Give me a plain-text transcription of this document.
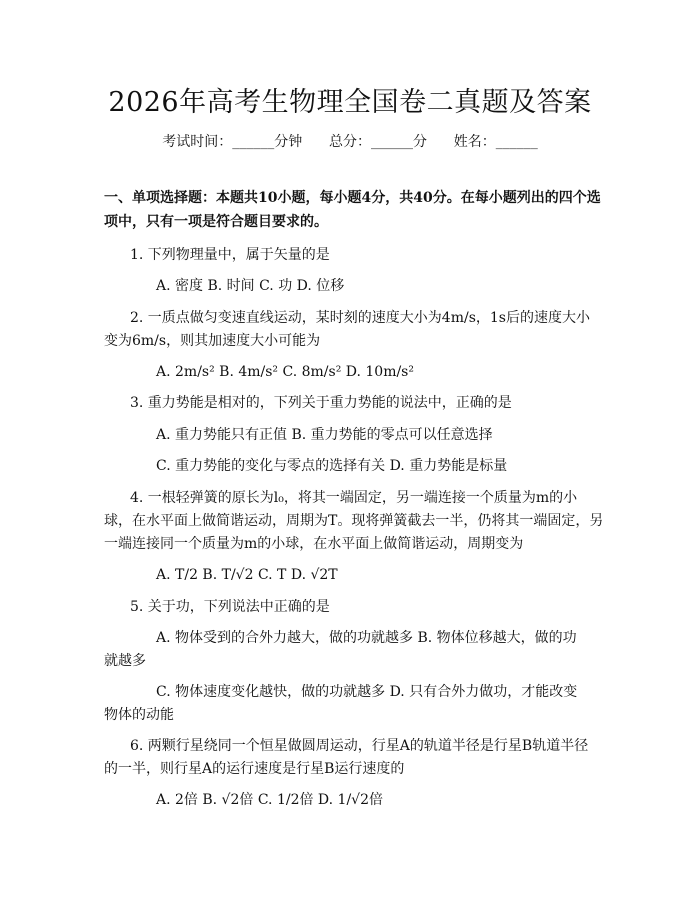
2026年高考生物理全国卷二真题及答案
考试时间：______分钟 总分：______分 姓名：______
一、单项选择题：本题共10小题，每小题4分，共40分。在每小题列出的四个选项中，只有一项是符合题目要求的。
1. 下列物理量中，属于矢量的是
A. 密度 B. 时间 C. 功 D. 位移
2. 一质点做匀变速直线运动，某时刻的速度大小为4m/s，1s后的速度大小
变为6m/s，则其加速度大小可能为
A. 2m/s² B. 4m/s² C. 8m/s² D. 10m/s²
3. 重力势能是相对的，下列关于重力势能的说法中，正确的是
A. 重力势能只有正值 B. 重力势能的零点可以任意选择
C. 重力势能的变化与零点的选择有关 D. 重力势能是标量
4. 一根轻弹簧的原长为l₀，将其一端固定，另一端连接一个质量为m的小
球，在水平面上做简谐运动，周期为T。现将弹簧截去一半，仍将其一端固定，另
一端连接同一个质量为m的小球，在水平面上做简谐运动，周期变为
A. T/2 B. T/√2 C. T D. √2T
5. 关于功，下列说法中正确的是
A. 物体受到的合外力越大，做的功就越多 B. 物体位移越大，做的功
就越多
C. 物体速度变化越快，做的功就越多 D. 只有合外力做功，才能改变
物体的动能
6. 两颗行星绕同一个恒星做圆周运动，行星A的轨道半径是行星B轨道半径
的一半，则行星A的运行速度是行星B运行速度的
A. 2倍 B. √2倍 C. 1/2倍 D. 1/√2倍
